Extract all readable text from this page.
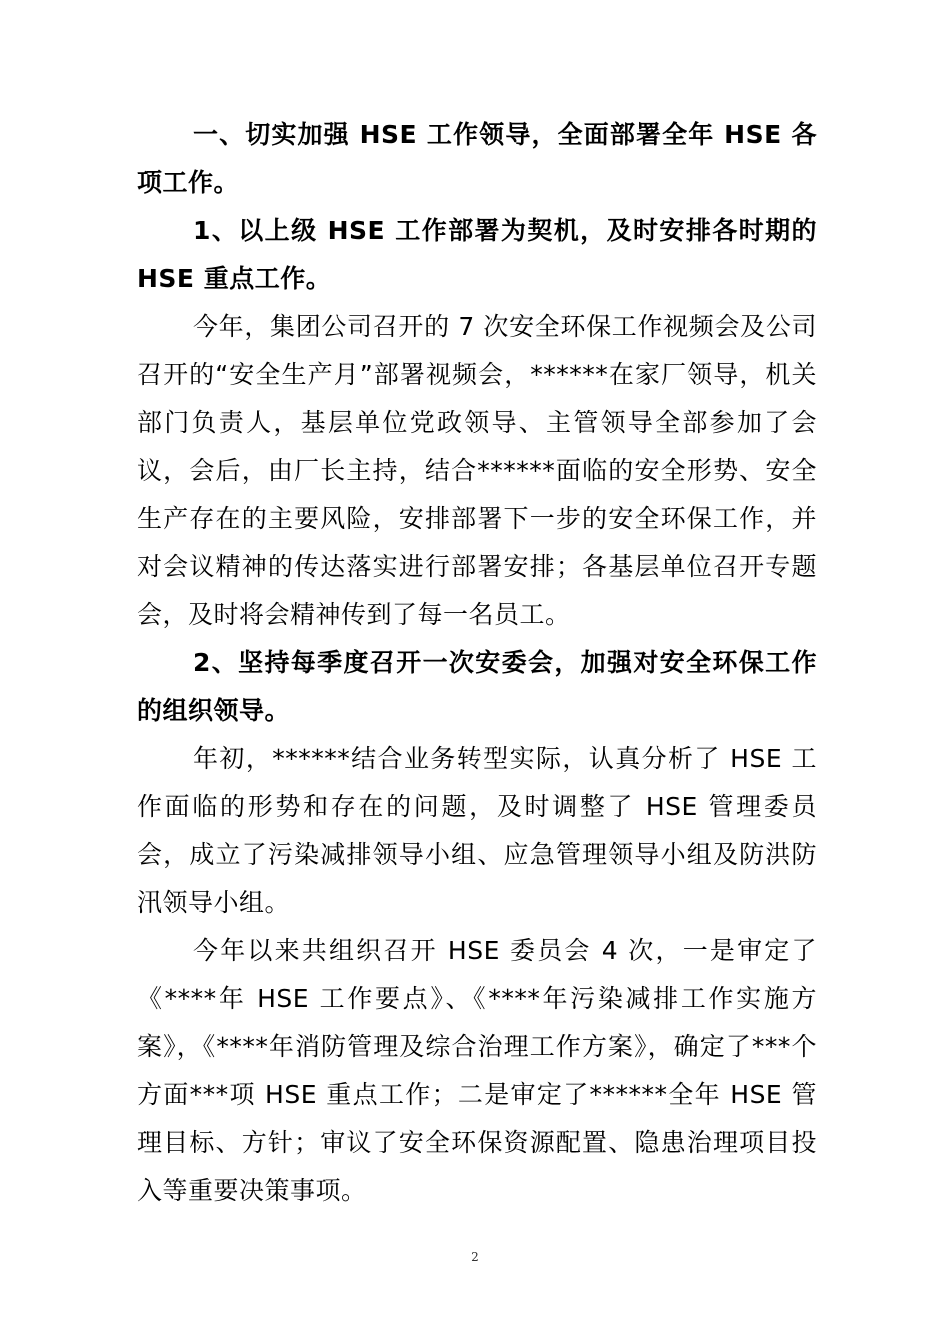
一、切实加强 HSE 工作领导，全面部署全年 HSE 各项工作。

1、以上级 HSE 工作部署为契机，及时安排各时期的 HSE 重点工作。

今年，集团公司召开的 7 次安全环保工作视频会及公司召开的“安全生产月”部署视频会，******在家厂领导，机关部门负责人，基层单位党政领导、主管领导全部参加了会议，会后，由厂长主持，结合******面临的安全形势、安全生产存在的主要风险，安排部署下一步的安全环保工作，并对会议精神的传达落实进行部署安排；各基层单位召开专题会，及时将会精神传到了每一名员工。

2、坚持每季度召开一次安委会，加强对安全环保工作的组织领导。

年初，******结合业务转型实际，认真分析了 HSE 工作面临的形势和存在的问题，及时调整了 HSE 管理委员会，成立了污染减排领导小组、应急管理领导小组及防洪防汛领导小组。

今年以来共组织召开 HSE 委员会 4 次，一是审定了《****年 HSE 工作要点》、《****年污染减排工作实施方案》，《****年消防管理及综合治理工作方案》，确定了***个方面***项 HSE 重点工作；二是审定了******全年 HSE 管理目标、方针；审议了安全环保资源配置、隐患治理项目投入等重要决策事项。

2
